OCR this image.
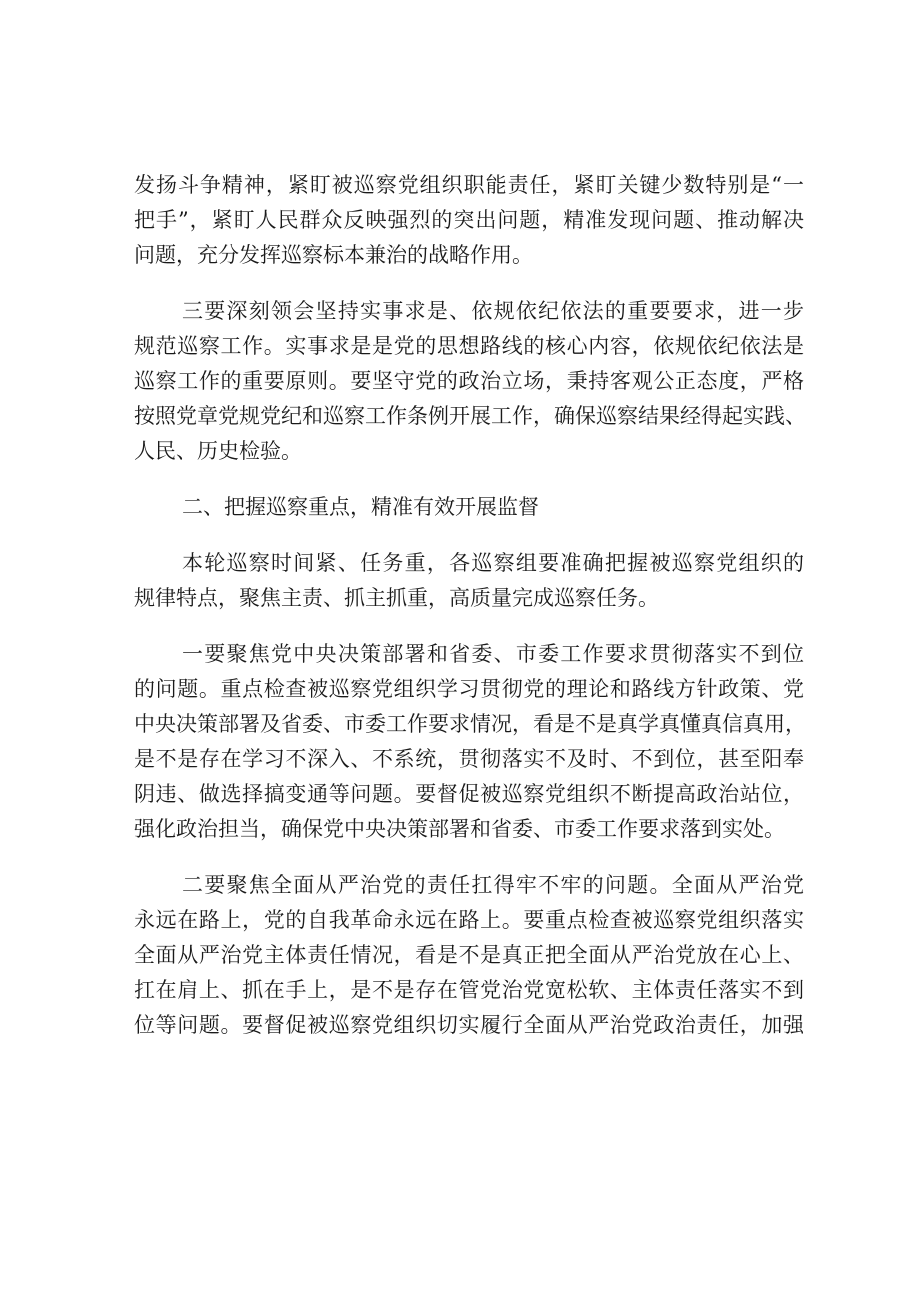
发扬斗争精神，紧盯被巡察党组织职能责任，紧盯关键少数特别是“一
把手”，紧盯人民群众反映强烈的突出问题，精准发现问题、推动解决
问题，充分发挥巡察标本兼治的战略作用。
三要深刻领会坚持实事求是、依规依纪依法的重要要求，进一步
规范巡察工作。实事求是是党的思想路线的核心内容，依规依纪依法是
巡察工作的重要原则。要坚守党的政治立场，秉持客观公正态度，严格
按照党章党规党纪和巡察工作条例开展工作，确保巡察结果经得起实践、
人民、历史检验。
二、把握巡察重点，精准有效开展监督
本轮巡察时间紧、任务重，各巡察组要准确把握被巡察党组织的
规律特点，聚焦主责、抓主抓重，高质量完成巡察任务。
一要聚焦党中央决策部署和省委、市委工作要求贯彻落实不到位
的问题。重点检查被巡察党组织学习贯彻党的理论和路线方针政策、党
中央决策部署及省委、市委工作要求情况，看是不是真学真懂真信真用，
是不是存在学习不深入、不系统，贯彻落实不及时、不到位，甚至阳奉
阴违、做选择搞变通等问题。要督促被巡察党组织不断提高政治站位，
强化政治担当，确保党中央决策部署和省委、市委工作要求落到实处。
二要聚焦全面从严治党的责任扛得牢不牢的问题。全面从严治党
永远在路上，党的自我革命永远在路上。要重点检查被巡察党组织落实
全面从严治党主体责任情况，看是不是真正把全面从严治党放在心上、
扛在肩上、抓在手上，是不是存在管党治党宽松软、主体责任落实不到
位等问题。要督促被巡察党组织切实履行全面从严治党政治责任，加强
